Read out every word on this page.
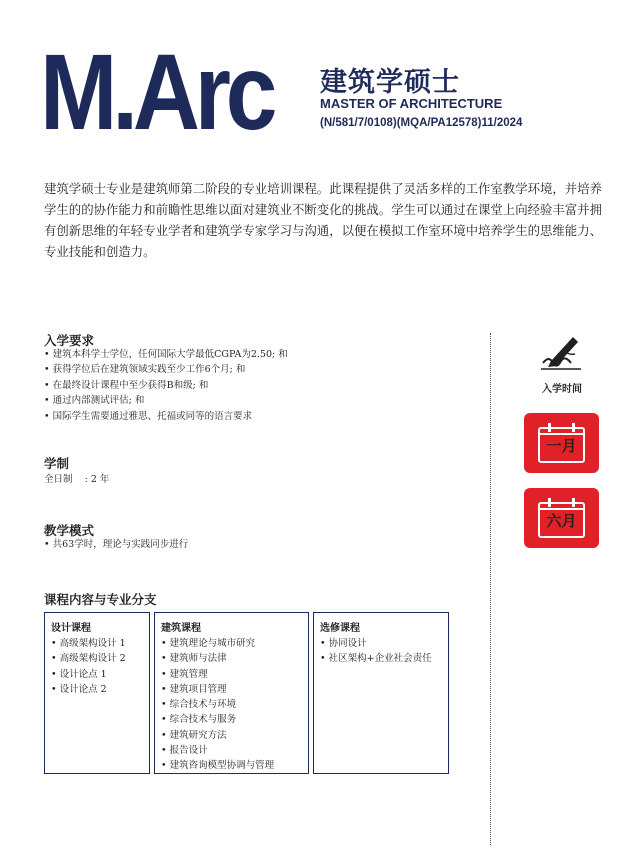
M.Arc 建筑学硕士
MASTER OF ARCHITECTURE
(N/581/7/0108)(MQA/PA12578)11/2024

建筑学硕士专业是建筑师第二阶段的专业培训课程。此课程提供了灵活多样的工作室教学环境，并培养学生的的协作能力和前瞻性思维以面对建筑业不断变化的挑战。学生可以通过在课堂上向经验丰富并拥有创新思维的年轻专业学者和建筑学专家学习与沟通，以便在模拟工作室环境中培养学生的思维能力、专业技能和创造力。

入学要求
• 建筑本科学士学位，任何国际大学最低CGPA为2.50; 和
• 获得学位后在建筑领域实践至少工作6个月; 和
• 在最终设计课程中至少获得B和级; 和
• 通过内部测试评估; 和
• 国际学生需要通过雅思、托福或同等的语言要求
学制
全日制    : 2 年
教学模式
• 共63学时，理论与实践同步进行
课程内容与专业分支
设计课程
• 高级架构设计 1
• 高级架构设计 2
• 设计论点 1
• 设计论点 2
建筑课程
• 建筑理论与城市研究
• 建筑师与法律
• 建筑管理
• 建筑项目管理
• 综合技术与环境
• 综合技术与服务
• 建筑研究方法
• 报告设计
• 建筑咨询模型协调与管理
选修课程
• 协同设计
• 社区架构+企业社会责任
入学时间
一月
六月
